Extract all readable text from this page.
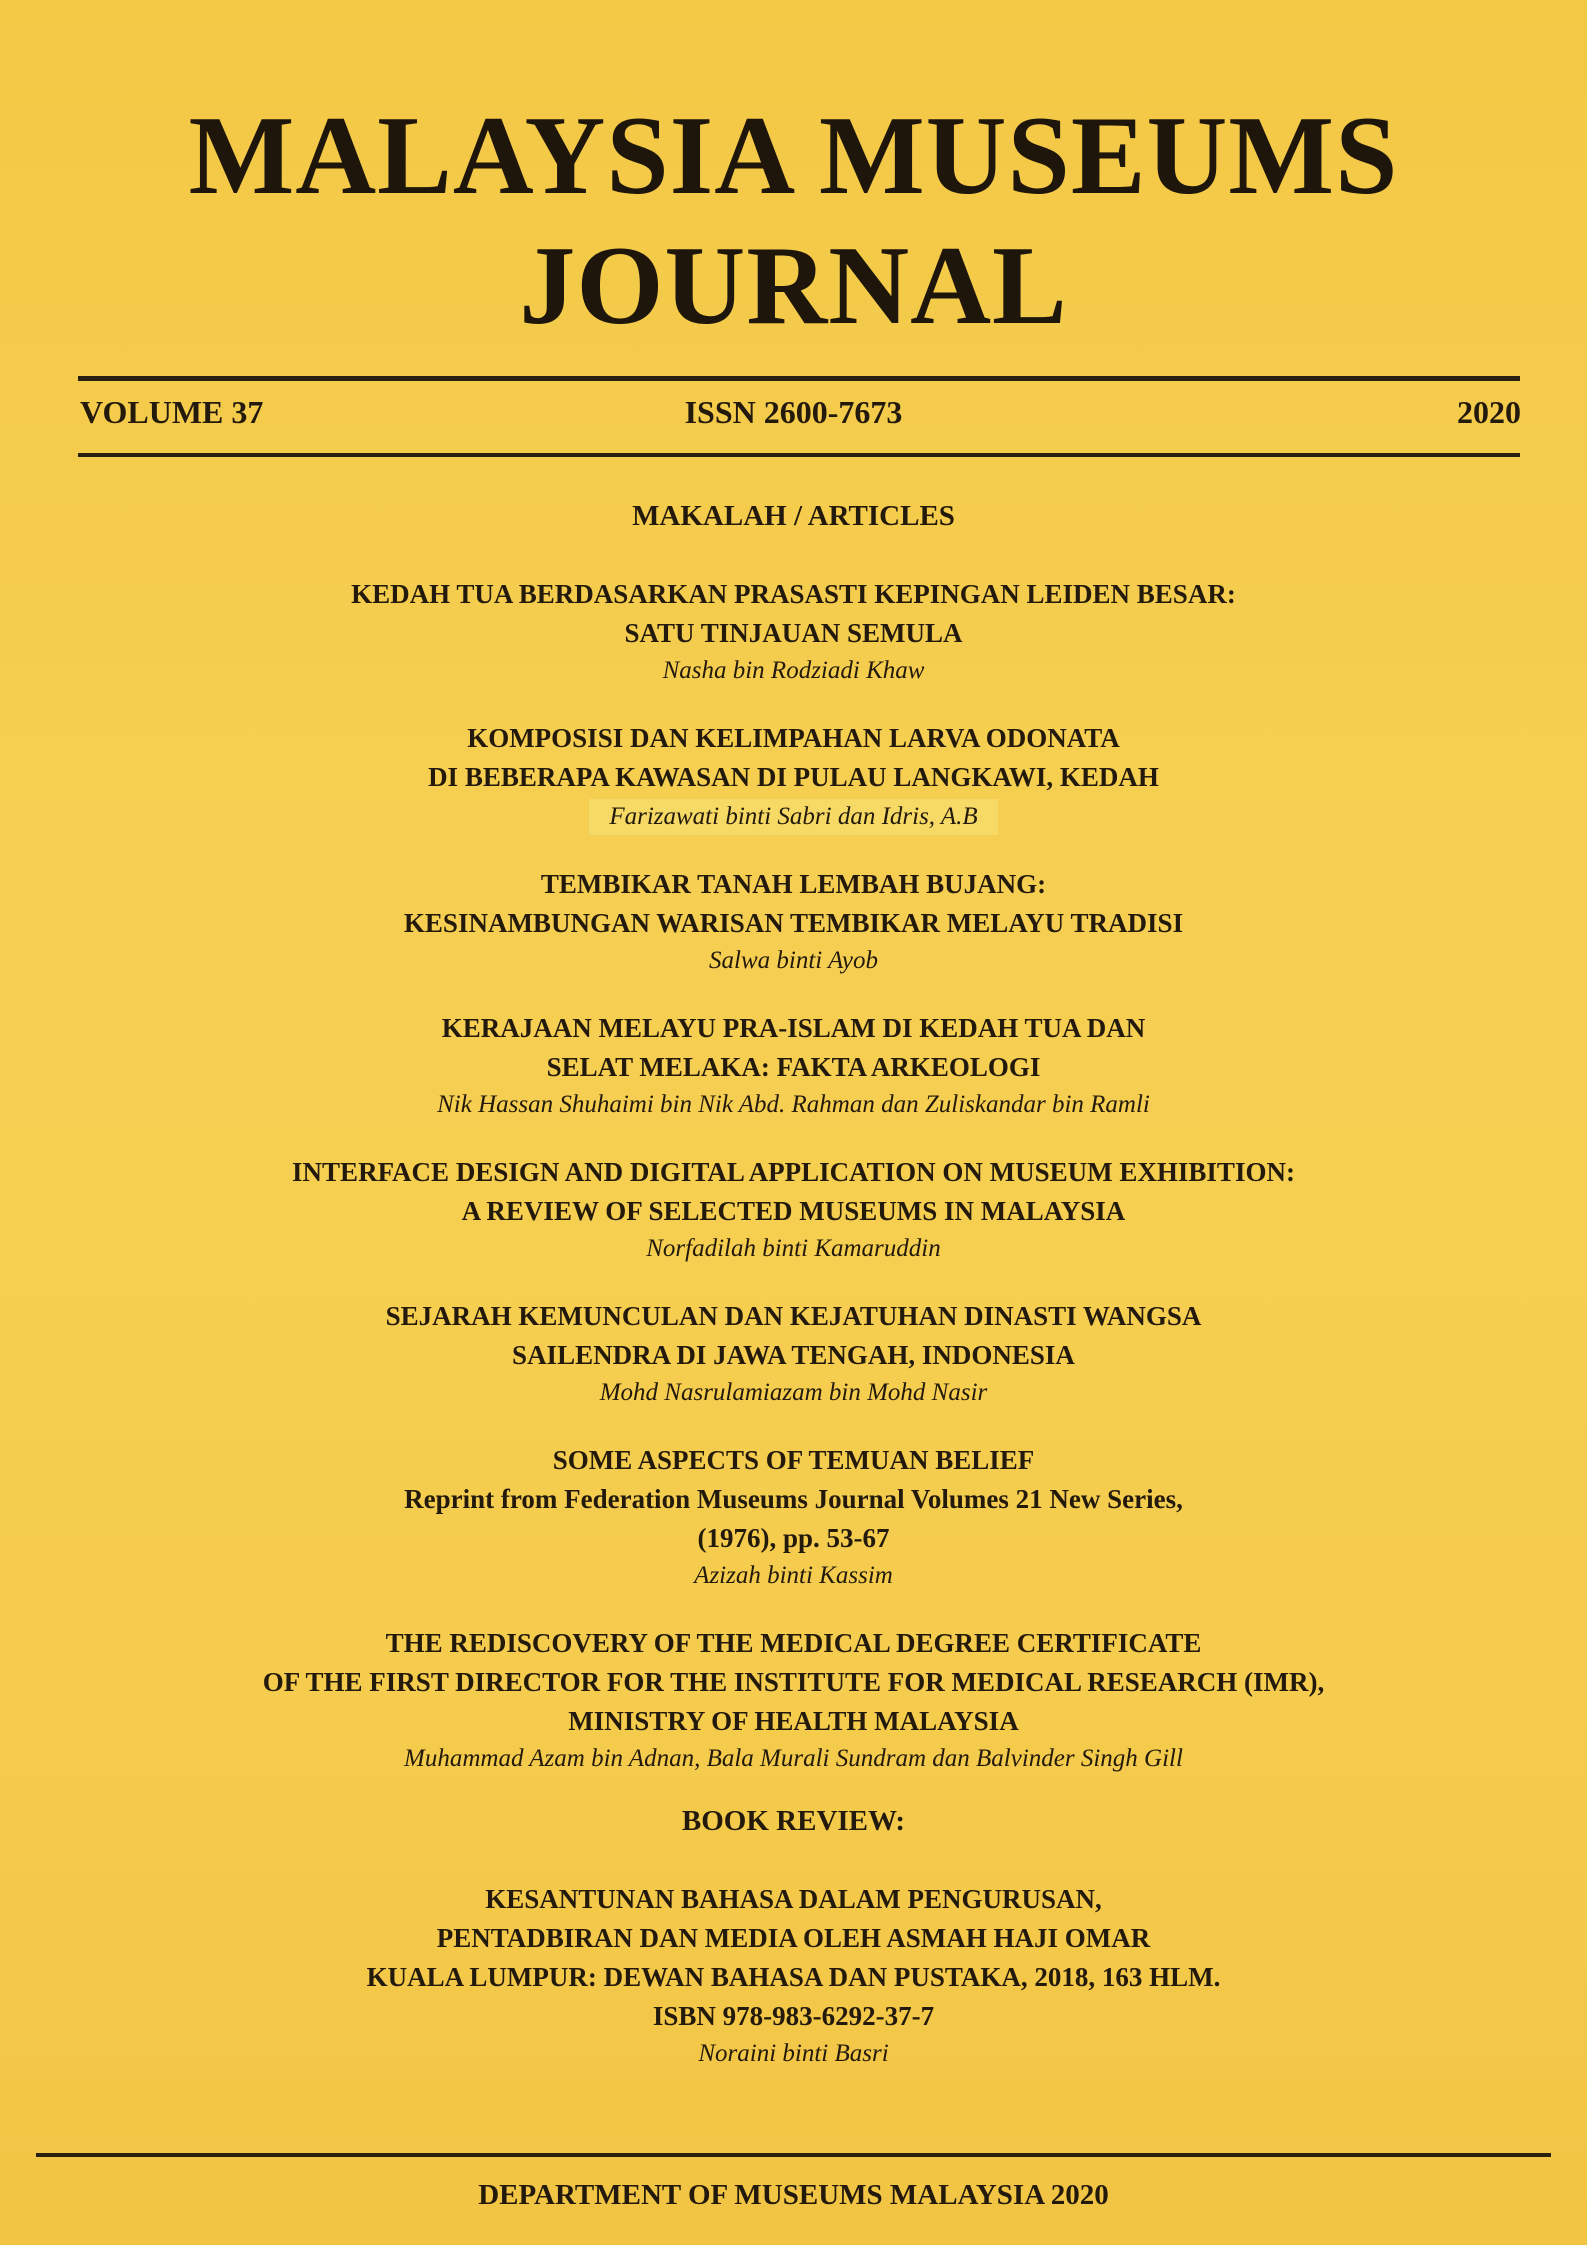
MALAYSIA MUSEUMS
JOURNAL
VOLUME 37	ISSN 2600-7673	2020
MAKALAH / ARTICLES
KEDAH TUA BERDASARKAN PRASASTI KEPINGAN LEIDEN BESAR:
SATU TINJAUAN SEMULA
Nasha bin Rodziadi Khaw
KOMPOSISI DAN KELIMPAHAN LARVA ODONATA
DI BEBERAPA KAWASAN DI PULAU LANGKAWI, KEDAH
Farizawati binti Sabri dan Idris, A.B
TEMBIKAR TANAH LEMBAH BUJANG:
KESINAMBUNGAN WARISAN TEMBIKAR MELAYU TRADISI
Salwa binti Ayob
KERAJAAN MELAYU PRA-ISLAM DI KEDAH TUA DAN
SELAT MELAKA: FAKTA ARKEOLOGI
Nik Hassan Shuhaimi bin Nik Abd. Rahman dan Zuliskandar bin Ramli
INTERFACE DESIGN AND DIGITAL APPLICATION ON MUSEUM EXHIBITION:
A REVIEW OF SELECTED MUSEUMS IN MALAYSIA
Norfadilah binti Kamaruddin
SEJARAH KEMUNCULAN DAN KEJATUHAN DINASTI WANGSA
SAILENDRA DI JAWA TENGAH, INDONESIA
Mohd Nasrulamiazam bin Mohd Nasir
SOME ASPECTS OF TEMUAN BELIEF
Reprint from Federation Museums Journal Volumes 21 New Series,
(1976), pp. 53-67
Azizah binti Kassim
THE REDISCOVERY OF THE MEDICAL DEGREE CERTIFICATE
OF THE FIRST DIRECTOR FOR THE INSTITUTE FOR MEDICAL RESEARCH (IMR),
MINISTRY OF HEALTH MALAYSIA
Muhammad Azam bin Adnan, Bala Murali Sundram dan Balvinder Singh Gill
BOOK REVIEW:
KESANTUNAN BAHASA DALAM PENGURUSAN,
PENTADBIRAN DAN MEDIA OLEH ASMAH HAJI OMAR
KUALA LUMPUR: DEWAN BAHASA DAN PUSTAKA, 2018, 163 HLM.
ISBN 978-983-6292-37-7
Noraini binti Basri
DEPARTMENT OF MUSEUMS MALAYSIA 2020
